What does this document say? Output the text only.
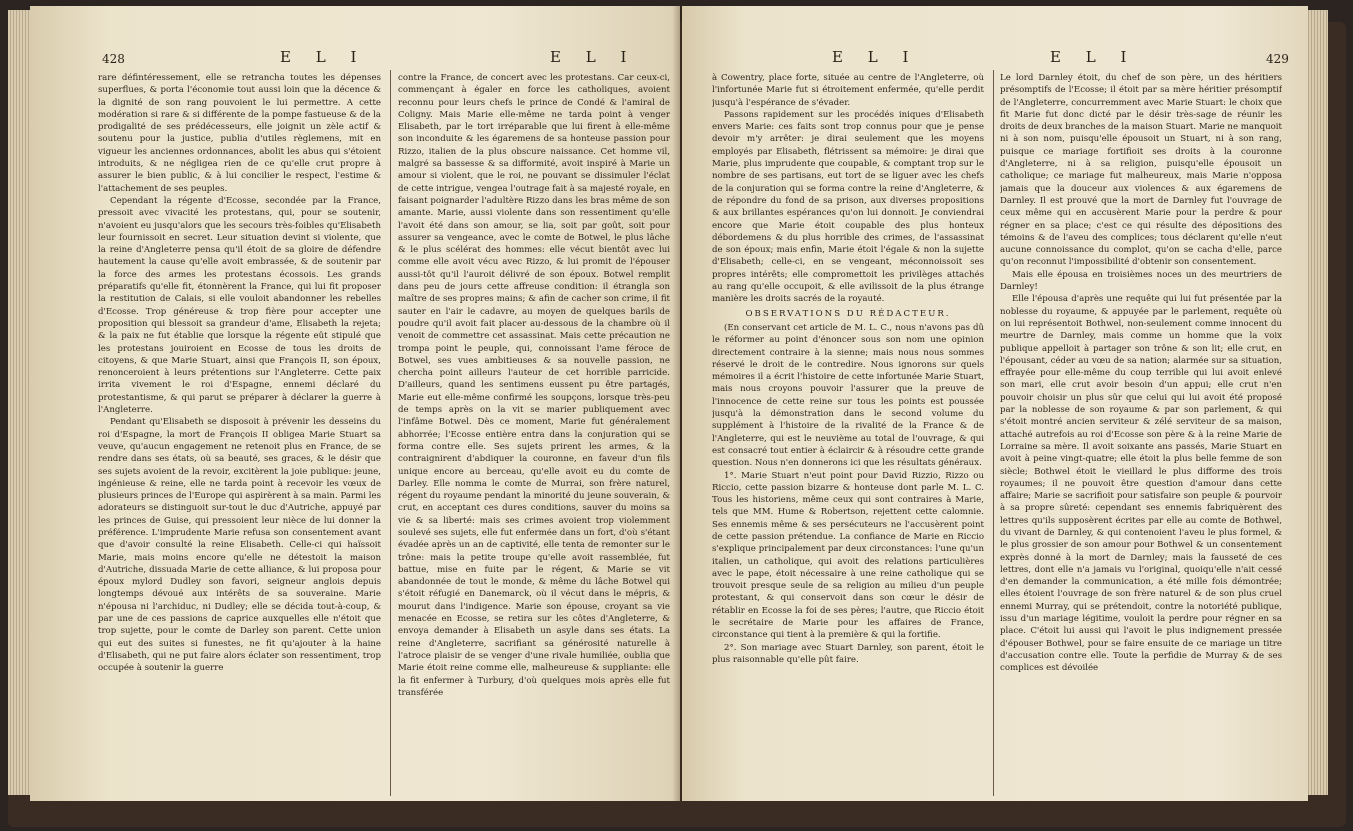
428	E L I	E L I

rare défintéressement, elle se retrancha toutes les dépenses superflues, & porta l'économie tout aussi loin que la décence & la dignité de son rang pouvoient le lui permettre. A cette modération si rare & si différente de la pompe fastueuse & de la prodigalité de ses prédécesseurs, elle joignit un zèle actif & soutenu pour la justice, publia d'utiles règlemens, mit en vigueur les anciennes ordonnances, abolit les abus qui s'étoient introduits, & ne négligea rien de ce qu'elle crut propre à assurer le bien public, & à lui concilier le respect, l'estime & l'attachement de ses peuples.

Cependant la régente d'Ecosse, secondée par la France, pressoit avec vivacité les protestans, qui, pour se soutenir, n'avoient eu jusqu'alors que les secours très-foibles qu'Elisabeth leur fournissoit en secret. Leur situation devint si violente, que la reine d'Angleterre pensa qu'il étoit de sa gloire de défendre hautement la cause qu'elle avoit embrassée, & de soutenir par la force des armes les protestans écossois. Les grands préparatifs qu'elle fit, étonnèrent la France, qui lui fit proposer la restitution de Calais, si elle vouloit abandonner les rebelles d'Ecosse. Trop généreuse & trop fière pour accepter une proposition qui blessoit sa grandeur d'ame, Elisabeth la rejeta; & la paix ne fut établie que lorsque la régente eût stipulé que les protestans jouiroient en Ecosse de tous les droits de citoyens, & que Marie Stuart, ainsi que François II, son époux, renonceroient à leurs prétentions sur l'Angleterre. Cette paix irrita vivement le roi d'Espagne, ennemi déclaré du protestantisme, & qui parut se préparer à déclarer la guerre à l'Angleterre.

Pendant qu'Elisabeth se disposoit à prévenir les desseins du roi d'Espagne, la mort de François II obligea Marie Stuart sa veuve, qu'aucun engagement ne retenoit plus en France, de se rendre dans ses états, où sa beauté, ses graces, & le désir que ses sujets avoient de la revoir, excitèrent la joie publique: jeune, ingénieuse & reine, elle ne tarda point à recevoir les vœux de plusieurs princes de l'Europe qui aspirèrent à sa main. Parmi les adorateurs se distinguoit sur-tout le duc d'Autriche, appuyé par les princes de Guise, qui pressoient leur nièce de lui donner la préférence. L'imprudente Marie refusa son consentement avant que d'avoir consulté la reine Elisabeth. Celle-ci qui haïssoit Marie, mais moins encore qu'elle ne détestoit la maison d'Autriche, dissuada Marie de cette alliance, & lui proposa pour époux mylord Dudley son favori, seigneur anglois depuis longtemps dévoué aux intérêts de sa souveraine. Marie n'épousa ni l'archiduc, ni Dudley; elle se décida tout-à-coup, & par une de ces passions de caprice auxquelles elle n'étoit que trop sujette, pour le comte de Darley son parent. Cette union qui eut des suites si funestes, ne fit qu'ajouter à la haine d'Elisabeth, qui ne put faire alors éclater son ressentiment, trop occupée à soutenir la guerre

contre la France, de concert avec les protestans. Car ceux-ci, commençant à égaler en force les catholiques, avoient reconnu pour leurs chefs le prince de Condé & l'amiral de Coligny. Mais Marie elle-même ne tarda point à venger Elisabeth, par le tort irréparable que lui firent à elle-même son inconduite & les égaremens de sa honteuse passion pour Rizzo, italien de la plus obscure naissance. Cet homme vil, malgré sa bassesse & sa difformité, avoit inspiré à Marie un amour si violent, que le roi, ne pouvant se dissimuler l'éclat de cette intrigue, vengea l'outrage fait à sa majesté royale, en faisant poignarder l'adultère Rizzo dans les bras même de son amante. Marie, aussi violente dans son ressentiment qu'elle l'avoit été dans son amour, se lia, soit par goût, soit pour assurer sa vengeance, avec le comte de Botwel, le plus lâche & le plus scélérat des hommes: elle vécut bientôt avec lui comme elle avoit vécu avec Rizzo, & lui promit de l'épouser aussi-tôt qu'il l'auroit délivré de son époux. Botwel remplit dans peu de jours cette affreuse condition: il étrangla son maître de ses propres mains; & afin de cacher son crime, il fit sauter en l'air le cadavre, au moyen de quelques barils de poudre qu'il avoit fait placer au-dessous de la chambre où il venoit de commettre cet assassinat. Mais cette précaution ne trompa point le peuple, qui, connoissant l'ame féroce de Botwel, ses vues ambitieuses & sa nouvelle passion, ne chercha point ailleurs l'auteur de cet horrible parricide. D'ailleurs, quand les sentimens eussent pu être partagés, Marie eut elle-même confirmé les soupçons, lorsque très-peu de temps après on la vit se marier publiquement avec l'infâme Botwel. Dès ce moment, Marie fut généralement abhorrée; l'Ecosse entière entra dans la conjuration qui se forma contre elle. Ses sujets prirent les armes, & la contraignirent d'abdiquer la couronne, en faveur d'un fils unique encore au berceau, qu'elle avoit eu du comte de Darley. Elle nomma le comte de Murrai, son frère naturel, régent du royaume pendant la minorité du jeune souverain, & crut, en acceptant ces dures conditions, sauver du moins sa vie & sa liberté: mais ses crimes avoient trop violemment soulevé ses sujets, elle fut enfermée dans un fort, d'où s'étant évadée après un an de captivité, elle tenta de remonter sur le trône: mais la petite troupe qu'elle avoit rassemblée, fut battue, mise en fuite par le régent, & Marie se vit abandonnée de tout le monde, & même du lâche Botwel qui s'étoit réfugié en Danemarck, où il vécut dans le mépris, & mourut dans l'indigence. Marie son épouse, croyant sa vie menacée en Ecosse, se retira sur les côtes d'Angleterre, & envoya demander à Elisabeth un asyle dans ses états. La reine d'Angleterre, sacrifiant sa générosité naturelle à l'atroce plaisir de se venger d'une rivale humiliée, oublia que Marie étoit reine comme elle, malheureuse & suppliante: elle la fit enfermer à Turbury, d'où quelques mois après elle fut transférée

E L I	E L I	429

à Cowentry, place forte, située au centre de l'Angleterre, où l'infortunée Marie fut si étroitement enfermée, qu'elle perdit jusqu'à l'espérance de s'évader.

Passons rapidement sur les procédés iniques d'Elisabeth envers Marie: ces faits sont trop connus pour que je pense devoir m'y arrêter: je dirai seulement que les moyens employés par Elisabeth, flétrissent sa mémoire: je dirai que Marie, plus imprudente que coupable, & comptant trop sur le nombre de ses partisans, eut tort de se liguer avec les chefs de la conjuration qui se forma contre la reine d'Angleterre, & de répondre du fond de sa prison, aux diverses propositions & aux brillantes espérances qu'on lui donnoit. Je conviendrai encore que Marie étoit coupable des plus honteux débordemens & du plus horrible des crimes, de l'assassinat de son époux; mais enfin, Marie étoit l'égale & non la sujette d'Elisabeth; celle-ci, en se vengeant, méconnoissoit ses propres intérêts; elle compromettoit les privilèges attachés au rang qu'elle occupoit, & elle avilissoit de la plus étrange manière les droits sacrés de la royauté.

OBSERVATIONS DU RÉDACTEUR.

(En conservant cet article de M. L. C., nous n'avons pas dû le réformer au point d'énoncer sous son nom une opinion directement contraire à la sienne; mais nous nous sommes réservé le droit de le contredire. Nous ignorons sur quels mémoires il a écrit l'histoire de cette infortunée Marie Stuart, mais nous croyons pouvoir l'assurer que la preuve de l'innocence de cette reine sur tous les points est poussée jusqu'à la démonstration dans le second volume du supplément à l'histoire de la rivalité de la France & de l'Angleterre, qui est le neuvième au total de l'ouvrage, & qui est consacré tout entier à éclaircir & à résoudre cette grande question. Nous n'en donnerons ici que les résultats généraux.

1°. Marie Stuart n'eut point pour David Rizzio, Rizzo ou Riccio, cette passion bizarre & honteuse dont parle M. L. C. Tous les historiens, même ceux qui sont contraires à Marie, tels que MM. Hume & Robertson, rejettent cette calomnie. Ses ennemis même & ses persécuteurs ne l'accusèrent point de cette passion prétendue. La confiance de Marie en Riccio s'explique principalement par deux circonstances: l'une qu'un italien, un catholique, qui avoit des relations particulières avec le pape, étoit nécessaire à une reine catholique qui se trouvoit presque seule de sa religion au milieu d'un peuple protestant, & qui conservoit dans son cœur le désir de rétablir en Ecosse la foi de ses pères; l'autre, que Riccio étoit le secrétaire de Marie pour les affaires de France, circonstance qui tient à la première & qui la fortifie.

2°. Son mariage avec Stuart Darnley, son parent, étoit le plus raisonnable qu'elle pût faire.

Le lord Darnley étoit, du chef de son père, un des héritiers présomptifs de l'Ecosse; il étoit par sa mère héritier présomptif de l'Angleterre, concurremment avec Marie Stuart: le choix que fit Marie fut donc dicté par le désir très-sage de réunir les droits de deux branches de la maison Stuart. Marie ne manquoit ni à son nom, puisqu'elle épousoit un Stuart, ni à son rang, puisque ce mariage fortifioit ses droits à la couronne d'Angleterre, ni à sa religion, puisqu'elle épousoit un catholique; ce mariage fut malheureux, mais Marie n'opposa jamais que la douceur aux violences & aux égaremens de Darnley. Il est prouvé que la mort de Darnley fut l'ouvrage de ceux même qui en accusèrent Marie pour la perdre & pour régner en sa place; c'est ce qui résulte des dépositions des témoins & de l'aveu des complices; tous déclarent qu'elle n'eut aucune connoissance du complot, qu'on se cacha d'elle, parce qu'on reconnut l'impossibilité d'obtenir son consentement.

Mais elle épousa en troisièmes noces un des meurtriers de Darnley!

Elle l'épousa d'après une requête qui lui fut présentée par la noblesse du royaume, & appuyée par le parlement, requête où on lui représentoit Bothwel, non-seulement comme innocent du meurtre de Darnley, mais comme un homme que la voix publique appelloit à partager son trône & son lit; elle crut, en l'épousant, céder au vœu de sa nation; alarmée sur sa situation, effrayée pour elle-même du coup terrible qui lui avoit enlevé son mari, elle crut avoir besoin d'un appui; elle crut n'en pouvoir choisir un plus sûr que celui qui lui avoit été proposé par la noblesse de son royaume & par son parlement, & qui s'étoit montré ancien serviteur & zélé serviteur de sa maison, attaché autrefois au roi d'Ecosse son père & à la reine Marie de Lorraine sa mère. Il avoit soixante ans passés, Marie Stuart en avoit à peine vingt-quatre; elle étoit la plus belle femme de son siècle; Bothwel étoit le vieillard le plus difforme des trois royaumes; il ne pouvoit être question d'amour dans cette affaire; Marie se sacrifioit pour satisfaire son peuple & pourvoir à sa propre sûreté: cependant ses ennemis fabriquèrent des lettres qu'ils supposèrent écrites par elle au comte de Bothwel, du vivant de Darnley, & qui contenoient l'aveu le plus formel, & le plus grossier de son amour pour Bothwel & un consentement exprès donné à la mort de Darnley; mais la fausseté de ces lettres, dont elle n'a jamais vu l'original, quoiqu'elle n'ait cessé d'en demander la communication, a été mille fois démontrée; elles étoient l'ouvrage de son frère naturel & de son plus cruel ennemi Murray, qui se prétendoit, contre la notoriété publique, issu d'un mariage légitime, vouloit la perdre pour régner en sa place. C'étoit lui aussi qui l'avoit le plus indignement pressée d'épouser Bothwel, pour se faire ensuite de ce mariage un titre d'accusation contre elle. Toute la perfidie de Murray & de ses complices est dévoilée
